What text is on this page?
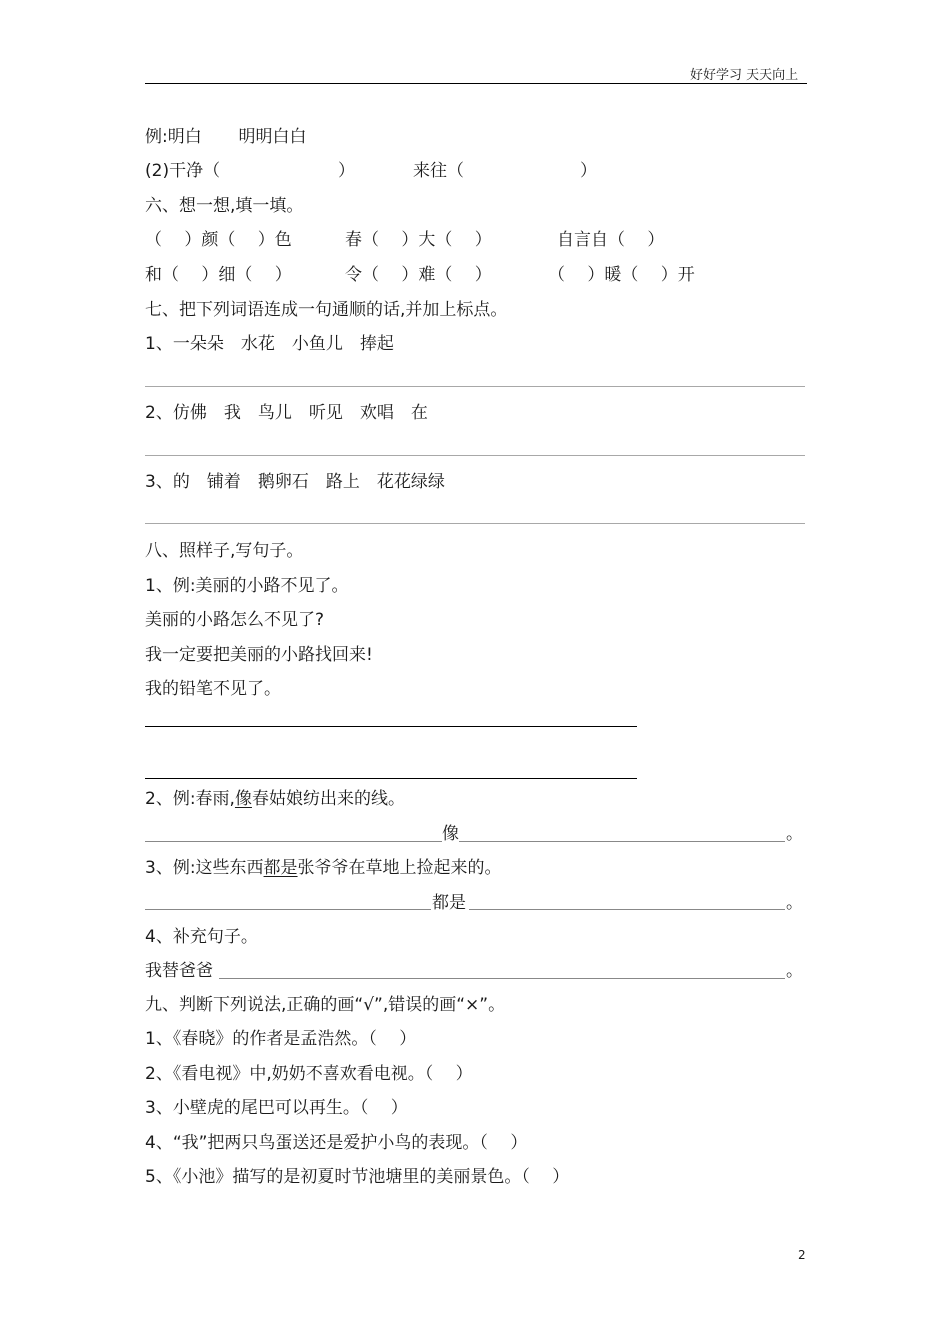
好好学习 天天向上
例:明白 明明白白
(2)干净（	）	来往（	）
六、想一想,填一填。
（　 ）颜（　 ）色	春（　 ）大（　 ）	自言自（　 ）
和（　 ）细（　 ）	令（　 ）难（　 ）	（　 ）暖（　 ）开
七、把下列词语连成一句通顺的话,并加上标点。
1、一朵朵　水花　小鱼儿　捧起
2、仿佛　我　鸟儿　听见　欢唱　在
3、的　铺着　鹅卵石　路上　花花绿绿
八、照样子,写句子。
1、例:美丽的小路不见了。
美丽的小路怎么不见了?
我一定要把美丽的小路找回来!
我的铅笔不见了。
2、例:春雨,像春姑娘纺出来的线。
像	。
3、例:这些东西都是张爷爷在草地上捡起来的。
都是	。
4、补充句子。
我替爸爸	。
九、判断下列说法,正确的画“√”,错误的画“×”。
1、《春晓》的作者是孟浩然。（　 ）
2、《看电视》中,奶奶不喜欢看电视。（　 ）
3、小壁虎的尾巴可以再生。（　 ）
4、“我”把两只鸟蛋送还是爱护小鸟的表现。（　 ）
5、《小池》描写的是初夏时节池塘里的美丽景色。（　 ）
2
